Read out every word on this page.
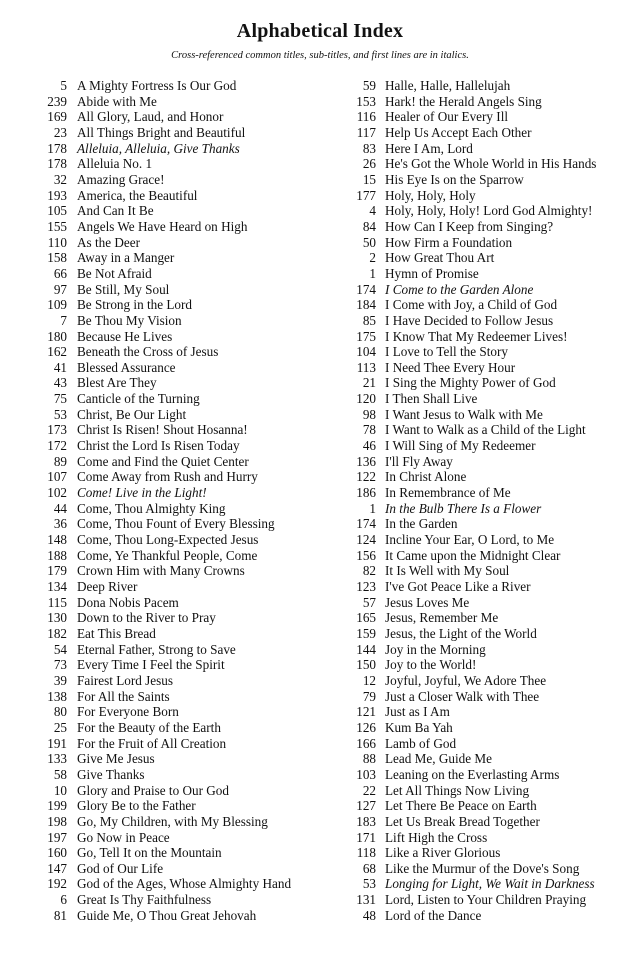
Alphabetical Index
Cross-referenced common titles, sub-titles, and first lines are in italics.
5 A Mighty Fortress Is Our God
239 Abide with Me
169 All Glory, Laud, and Honor
23 All Things Bright and Beautiful
178 Alleluia, Alleluia, Give Thanks
178 Alleluia No. 1
32 Amazing Grace!
193 America, the Beautiful
105 And Can It Be
155 Angels We Have Heard on High
110 As the Deer
158 Away in a Manger
66 Be Not Afraid
97 Be Still, My Soul
109 Be Strong in the Lord
7 Be Thou My Vision
180 Because He Lives
162 Beneath the Cross of Jesus
41 Blessed Assurance
43 Blest Are They
75 Canticle of the Turning
53 Christ, Be Our Light
173 Christ Is Risen! Shout Hosanna!
172 Christ the Lord Is Risen Today
89 Come and Find the Quiet Center
107 Come Away from Rush and Hurry
102 Come! Live in the Light!
44 Come, Thou Almighty King
36 Come, Thou Fount of Every Blessing
148 Come, Thou Long-Expected Jesus
188 Come, Ye Thankful People, Come
179 Crown Him with Many Crowns
134 Deep River
115 Dona Nobis Pacem
130 Down to the River to Pray
182 Eat This Bread
54 Eternal Father, Strong to Save
73 Every Time I Feel the Spirit
39 Fairest Lord Jesus
138 For All the Saints
80 For Everyone Born
25 For the Beauty of the Earth
191 For the Fruit of All Creation
133 Give Me Jesus
58 Give Thanks
10 Glory and Praise to Our God
199 Glory Be to the Father
198 Go, My Children, with My Blessing
197 Go Now in Peace
160 Go, Tell It on the Mountain
147 God of Our Life
192 God of the Ages, Whose Almighty Hand
6 Great Is Thy Faithfulness
81 Guide Me, O Thou Great Jehovah
59 Halle, Halle, Hallelujah
153 Hark! the Herald Angels Sing
116 Healer of Our Every Ill
117 Help Us Accept Each Other
83 Here I Am, Lord
26 He's Got the Whole World in His Hands
15 His Eye Is on the Sparrow
177 Holy, Holy, Holy
4 Holy, Holy, Holy! Lord God Almighty!
84 How Can I Keep from Singing?
50 How Firm a Foundation
2 How Great Thou Art
1 Hymn of Promise
174 I Come to the Garden Alone
184 I Come with Joy, a Child of God
85 I Have Decided to Follow Jesus
175 I Know That My Redeemer Lives!
104 I Love to Tell the Story
113 I Need Thee Every Hour
21 I Sing the Mighty Power of God
120 I Then Shall Live
98 I Want Jesus to Walk with Me
78 I Want to Walk as a Child of the Light
46 I Will Sing of My Redeemer
136 I'll Fly Away
122 In Christ Alone
186 In Remembrance of Me
1 In the Bulb There Is a Flower
174 In the Garden
124 Incline Your Ear, O Lord, to Me
156 It Came upon the Midnight Clear
82 It Is Well with My Soul
123 I've Got Peace Like a River
57 Jesus Loves Me
165 Jesus, Remember Me
159 Jesus, the Light of the World
144 Joy in the Morning
150 Joy to the World!
12 Joyful, Joyful, We Adore Thee
79 Just a Closer Walk with Thee
121 Just as I Am
126 Kum Ba Yah
166 Lamb of God
88 Lead Me, Guide Me
103 Leaning on the Everlasting Arms
22 Let All Things Now Living
127 Let There Be Peace on Earth
183 Let Us Break Bread Together
171 Lift High the Cross
118 Like a River Glorious
68 Like the Murmur of the Dove's Song
53 Longing for Light, We Wait in Darkness
131 Lord, Listen to Your Children Praying
48 Lord of the Dance
